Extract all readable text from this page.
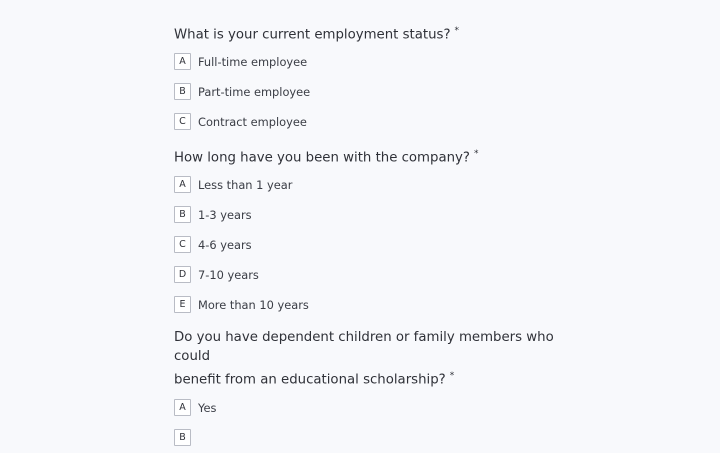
What is your current employment status? *
A	Full-time employee
B	Part-time employee
C	Contract employee
How long have you been with the company? *
A	Less than 1 year
B	1-3 years
C	4-6 years
D	7-10 years
E	More than 10 years
Do you have dependent children or family members who could
benefit from an educational scholarship? *
A	Yes
B
